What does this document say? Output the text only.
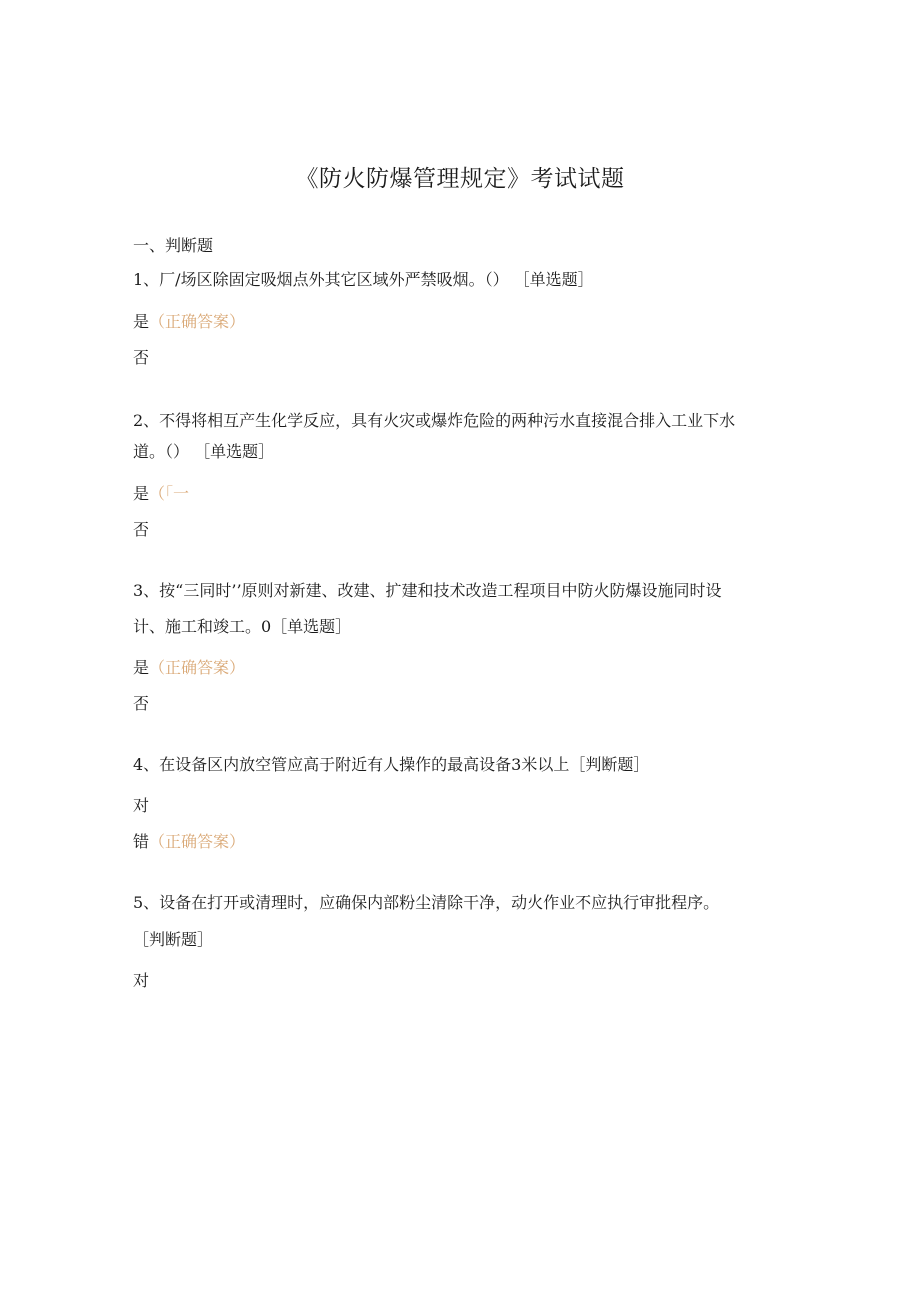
《防火防爆管理规定》考试试题
一、判断题
1、厂/场区除固定吸烟点外其它区域外严禁吸烟。（） ［单选题］
是（正确答案）
否
2、不得将相互产生化学反应，具有火灾或爆炸危险的两种污水直接混合排入工业下水
道。（） ［单选题］
是（「一
否
3、按“三同时’’原则对新建、改建、扩建和技术改造工程项目中防火防爆设施同时设
计、施工和竣工。0［单选题］
是（正确答案）
否
4、在设备区内放空管应高于附近有人操作的最高设备3米以上［判断题］
对
错（正确答案）
5、设备在打开或清理时，应确保内部粉尘清除干净，动火作业不应执行审批程序。
［判断题］
对
